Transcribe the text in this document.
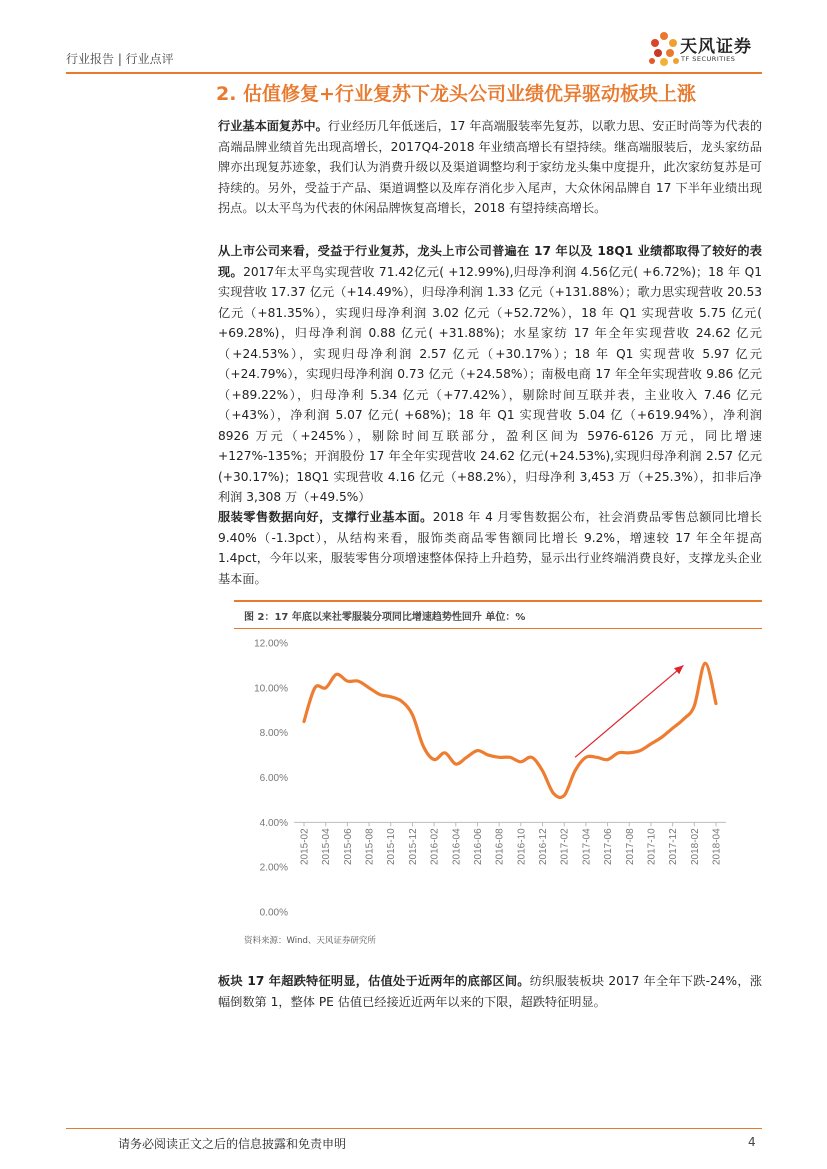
行业报告 | 行业点评
天风证券
TF SECURITIES
2. 估值修复+行业复苏下龙头公司业绩优异驱动板块上涨
行业基本面复苏中。行业经历几年低迷后，17 年高端服装率先复苏，以歌力思、安正时尚等为代表的高端品牌业绩首先出现高增长，2017Q4-2018 年业绩高增长有望持续。继高端服装后，龙头家纺品牌亦出现复苏迹象，我们认为消费升级以及渠道调整均利于家纺龙头集中度提升，此次家纺复苏是可持续的。另外，受益于产品、渠道调整以及库存消化步入尾声，大众休闲品牌自 17 下半年业绩出现拐点。以太平鸟为代表的休闲品牌恢复高增长，2018 有望持续高增长。
从上市公司来看，受益于行业复苏，龙头上市公司普遍在 17 年以及 18Q1 业绩都取得了较好的表现。2017年太平鸟实现营收 71.42亿元( +12.99%),归母净利润 4.56亿元( +6.72%)；18 年 Q1 实现营收 17.37 亿元（+14.49%），归母净利润 1.33 亿元（+131.88%）；歌力思实现营收 20.53 亿元（+81.35%），实现归母净利润 3.02 亿元（+52.72%），18 年 Q1 实现营收 5.75 亿元( +69.28%)，归母净利润 0.88 亿元( +31.88%)；水星家纺 17 年全年实现营收 24.62 亿元（+24.53%），实现归母净利润 2.57 亿元（+30.17%）；18 年 Q1 实现营收 5.97 亿元（+24.79%），实现归母净利润 0.73 亿元（+24.58%）；南极电商 17 年全年实现营收 9.86 亿元（+89.22%），归母净利 5.34 亿元（+77.42%），剔除时间互联并表，主业收入 7.46 亿元（+43%），净利润 5.07 亿元( +68%)；18 年 Q1 实现营收 5.04 亿（+619.94%），净利润 8926 万元（+245%），剔除时间互联部分，盈利区间为 5976-6126 万元，同比增速+127%-135%；开润股份 17 年全年实现营收 24.62 亿元(+24.53%),实现归母净利润 2.57 亿元(+30.17%)；18Q1 实现营收 4.16 亿元（+88.2%），归母净利 3,453 万（+25.3%），扣非后净利润 3,308 万（+49.5%）
服装零售数据向好，支撑行业基本面。2018 年 4 月零售数据公布，社会消费品零售总额同比增长 9.40%（-1.3pct），从结构来看，服饰类商品零售额同比增长 9.2%，增速较 17 年全年提高 1.4pct，今年以来，服装零售分项增速整体保持上升趋势，显示出行业终端消费良好，支撑龙头企业基本面。
图 2：17 年底以来社零服装分项同比增速趋势性回升 单位：%
0.00%
2.00%
4.00%
6.00%
8.00%
10.00%
12.00%
2015-02 2015-04 2015-06 2015-08 2015-10 2015-12 2016-02 2016-04 2016-06 2016-08 2016-10 2016-12 2017-02 2017-04 2017-06 2017-08 2017-10 2017-12 2018-02 2018-04
资料来源：Wind、天风证券研究所
板块 17 年超跌特征明显，估值处于近两年的底部区间。纺织服装板块 2017 年全年下跌-24%，涨幅倒数第 1，整体 PE 估值已经接近近两年以来的下限，超跌特征明显。
请务必阅读正文之后的信息披露和免责申明	4
